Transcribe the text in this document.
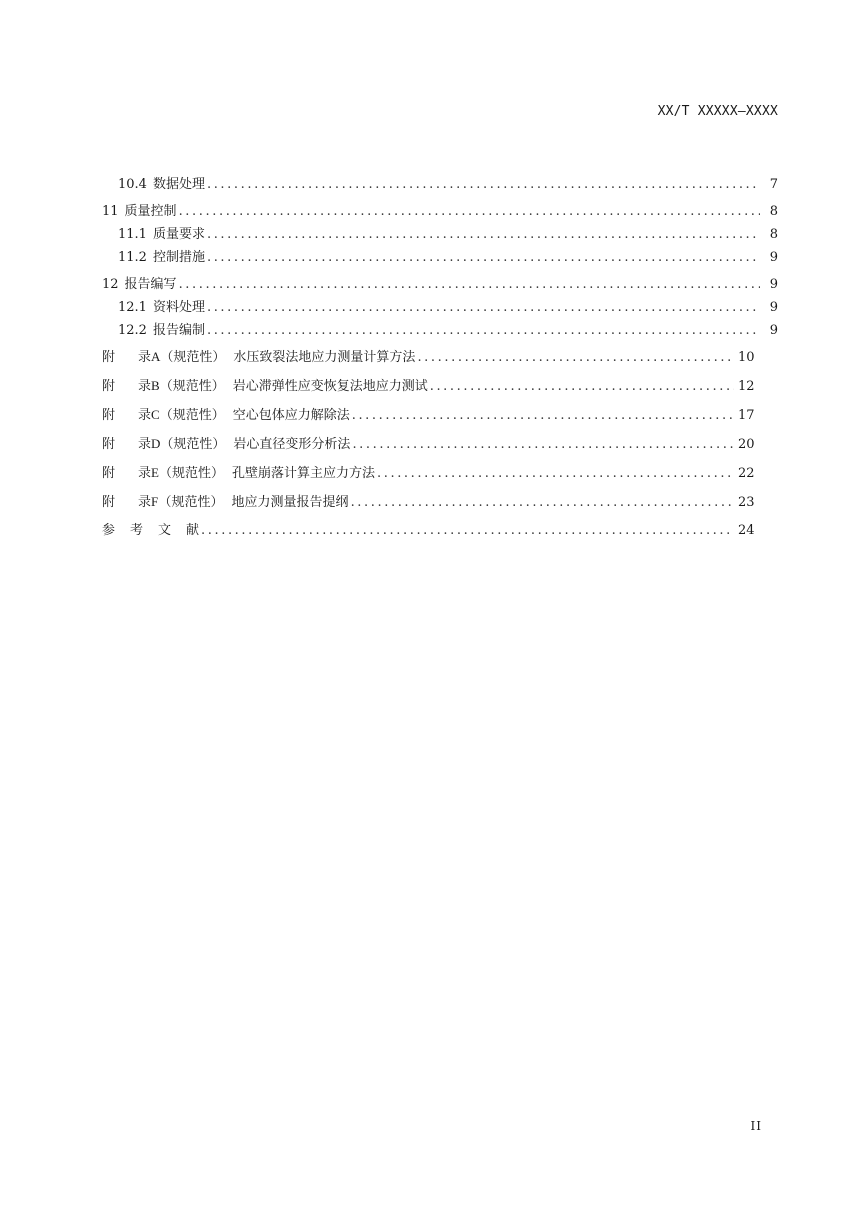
XX/T XXXXX—XXXX
10.4 数据处理 .....	7
11 质量控制 .....	8
11.1 质量要求 .....	8
11.2 控制措施 .....	9
12 报告编写 .....	9
12.1 资料处理 .....	9
12.2 报告编制 .....	9
附 录 A （规范性） 水压致裂法地应力测量计算方法 .....	10
附 录 B （规范性） 岩心滞弹性应变恢复法地应力测试 .....	12
附 录 C （规范性） 空心包体应力解除法 .....	17
附 录 D （规范性） 岩心直径变形分析法 .....	20
附 录 E （规范性） 孔壁崩落计算主应力方法 .....	22
附 录 F （规范性） 地应力测量报告提纲 .....	23
参 考 文 献 .....	24
II
